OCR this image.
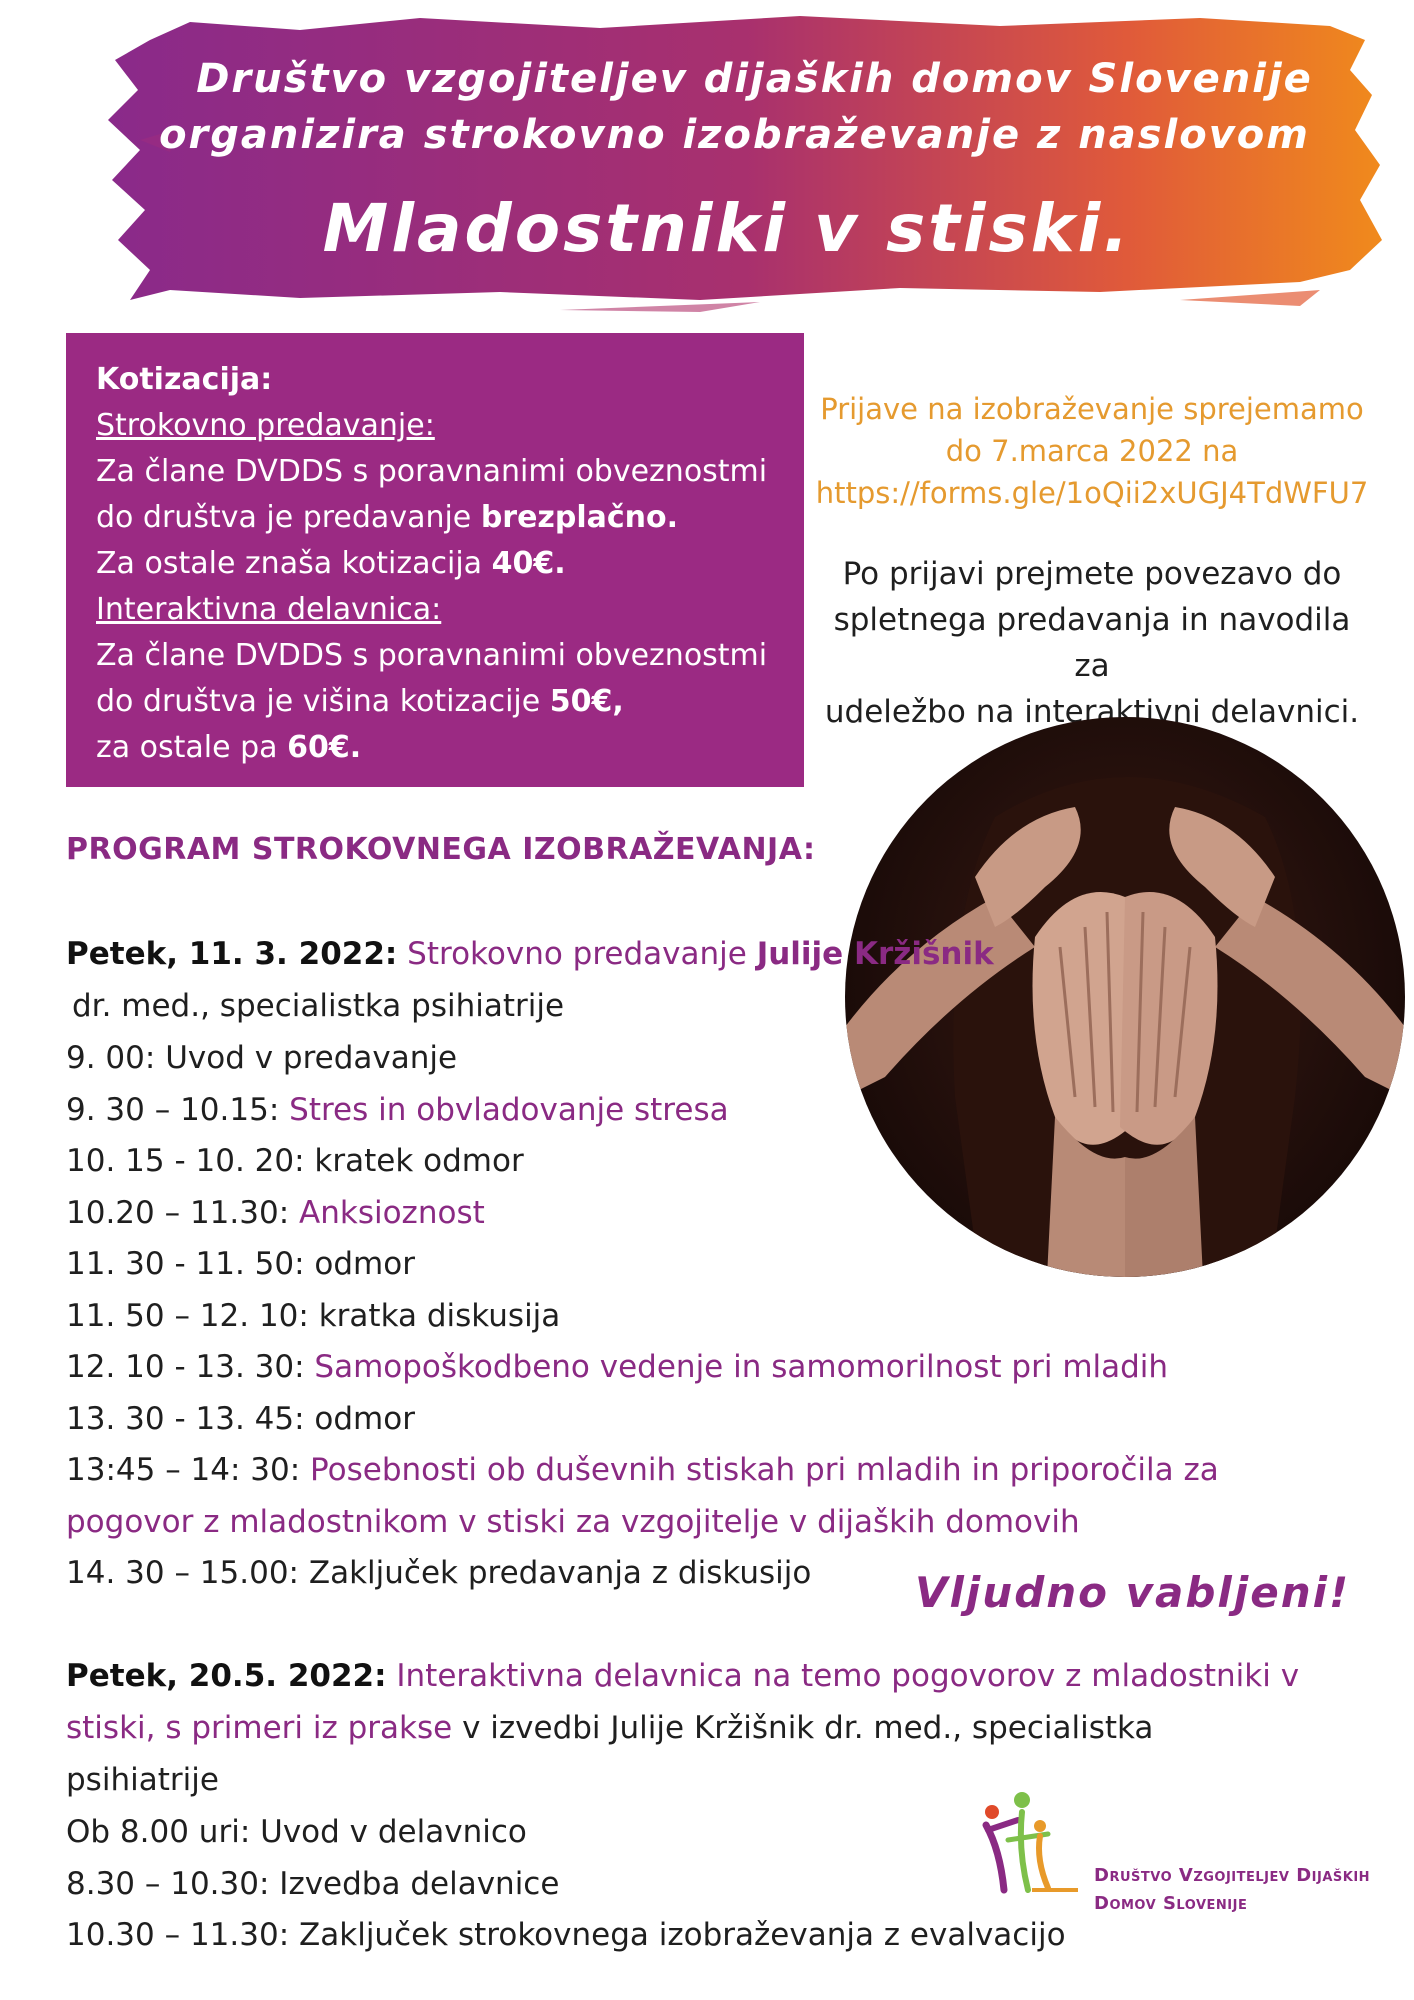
Društvo vzgojiteljev dijaških domov Slovenije
organizira strokovno izobraževanje z naslovom
Mladostniki v stiski.
Kotizacija:
Strokovno predavanje:
Za člane DVDDS s poravnanimi obveznostmi
do društva je predavanje brezplačno.
Za ostale znaša kotizacija 40€.
Interaktivna delavnica:
Za člane DVDDS s poravnanimi obveznostmi
do društva je višina kotizacije 50€,
za ostale pa 60€.
Prijave na izobraževanje sprejemamo
do 7.marca 2022 na
https://forms.gle/1oQii2xUGJ4TdWFU7
Po prijavi prejmete povezavo do
spletnega predavanja in navodila za
udeležbo na interaktivni delavnici.
PROGRAM STROKOVNEGA IZOBRAŽEVANJA:
Petek, 11. 3. 2022: Strokovno predavanje Julije Kržišnik
dr. med., specialistka psihiatrije
9. 00: Uvod v predavanje
9. 30 – 10.15: Stres in obvladovanje stresa
10. 15 - 10. 20: kratek odmor
10.20 – 11.30: Anksioznost
11. 30 - 11. 50: odmor
11. 50 – 12. 10: kratka diskusija
12. 10 - 13. 30: Samopoškodbeno vedenje in samomorilnost pri mladih
13. 30 - 13. 45: odmor
13:45 – 14: 30: Posebnosti ob duševnih stiskah pri mladih in priporočila za
pogovor z mladostnikom v stiski za vzgojitelje v dijaških domovih
14. 30 – 15.00: Zaključek predavanja z diskusijo Vljudno vabljeni!
Petek, 20.5. 2022: Interaktivna delavnica na temo pogovorov z mladostniki v
stiski, s primeri iz prakse v izvedbi Julije Kržišnik dr. med., specialistka
psihiatrije
Ob 8.00 uri: Uvod v delavnico
8.30 – 10.30: Izvedba delavnice
10.30 – 11.30: Zaključek strokovnega izobraževanja z evalvacijo
Društvo Vzgojiteljev Dijaških
Domov Slovenije
